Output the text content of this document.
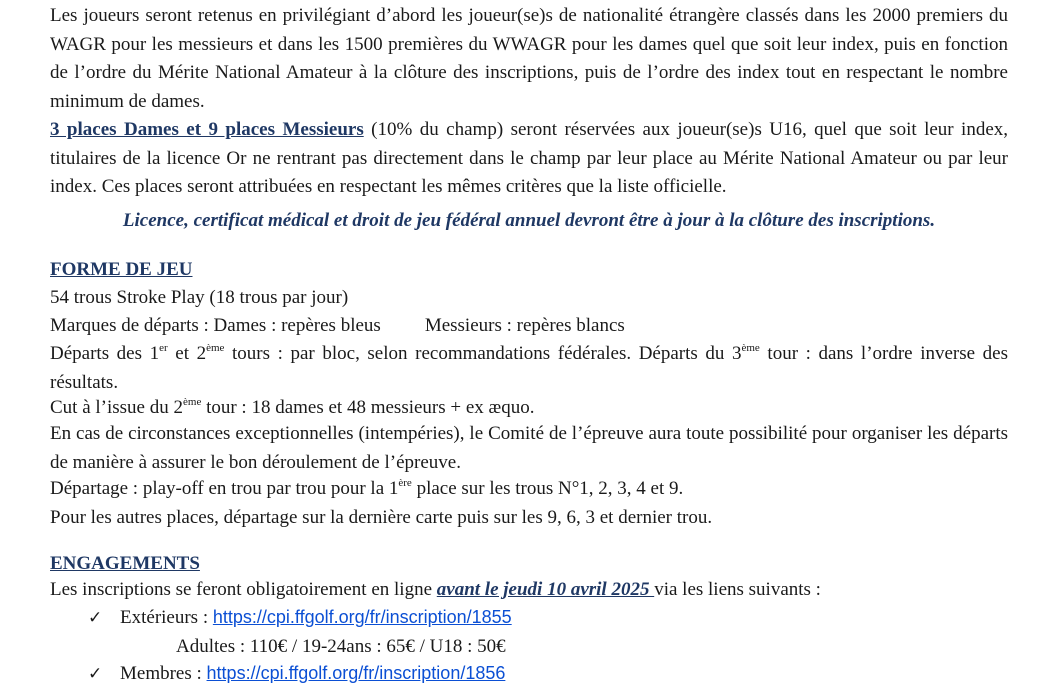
Les joueurs seront retenus en privilégiant d’abord les joueur(se)s de nationalité étrangère classés dans les 2000 premiers du WAGR pour les messieurs et dans les 1500 premières du WWAGR pour les dames quel que soit leur index, puis en fonction de l’ordre du Mérite National Amateur à la clôture des inscriptions, puis de l’ordre des index tout en respectant le nombre minimum de dames.
3 places Dames et 9 places Messieurs (10% du champ) seront réservées aux joueur(se)s U16, quel que soit leur index, titulaires de la licence Or ne rentrant pas directement dans le champ par leur place au Mérite National Amateur ou par leur index. Ces places seront attribuées en respectant les mêmes critères que la liste officielle.
Licence, certificat médical et droit de jeu fédéral annuel devront être à jour à la clôture des inscriptions.
FORME DE JEU
54 trous Stroke Play (18 trous par jour)
Marques de départs : Dames : repères bleus Messieurs : repères blancs
Départs des 1er et 2ème tours : par bloc, selon recommandations fédérales. Départs du 3ème tour : dans l’ordre inverse des résultats.
Cut à l’issue du 2ème tour : 18 dames et 48 messieurs + ex æquo.
En cas de circonstances exceptionnelles (intempéries), le Comité de l’épreuve aura toute possibilité pour organiser les départs de manière à assurer le bon déroulement de l’épreuve.
Départage : play-off en trou par trou pour la 1ère place sur les trous N°1, 2, 3, 4 et 9.
Pour les autres places, départage sur la dernière carte puis sur les 9, 6, 3 et dernier trou.
ENGAGEMENTS
Les inscriptions se feront obligatoirement en ligne avant le jeudi 10 avril 2025 via les liens suivants :
✓ Extérieurs : https://cpi.ffgolf.org/fr/inscription/1855
Adultes : 110€ / 19-24ans : 65€ / U18 : 50€
✓ Membres : https://cpi.ffgolf.org/fr/inscription/1856
